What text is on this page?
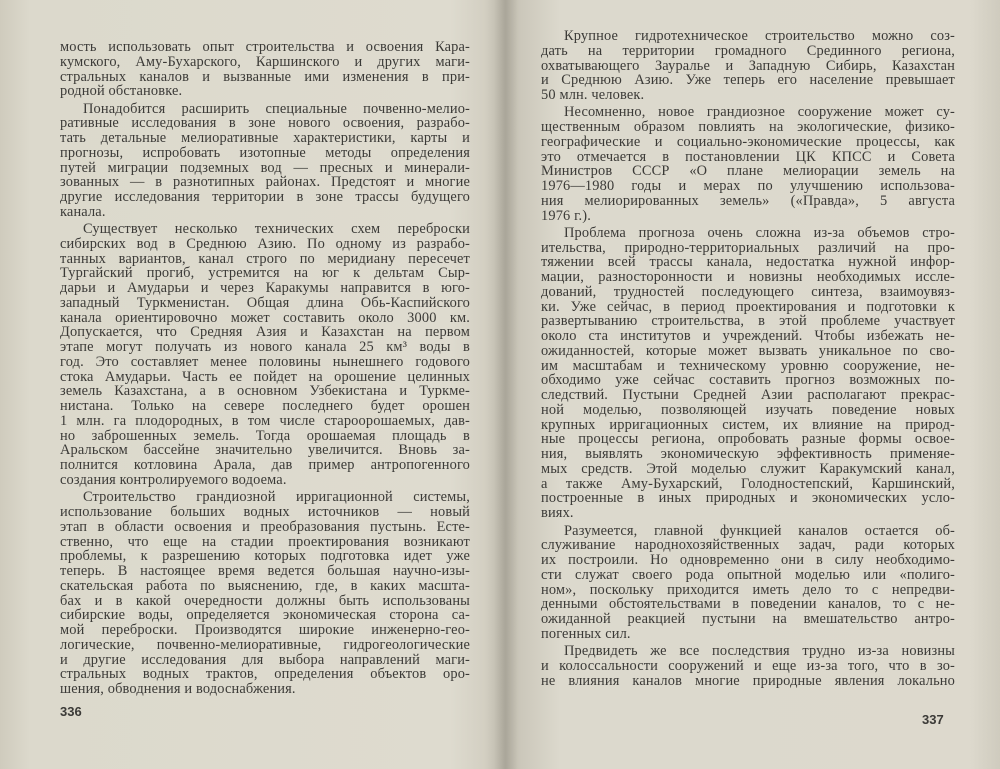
мость использовать опыт строительства и освоения Кара-
кумского, Аму-Бухарского, Каршинского и других маги-
стральных каналов и вызванные ими изменения в при-
родной обстановке.
Понадобится расширить специальные почвенно-мелио-
ративные исследования в зоне нового освоения, разрабо-
тать детальные мелиоративные характеристики, карты и
прогнозы, испробовать изотопные методы определения
путей миграции подземных вод — пресных и минерали-
зованных — в разнотипных районах. Предстоят и многие
другие исследования территории в зоне трассы будущего
канала.
Существует несколько технических схем переброски
сибирских вод в Среднюю Азию. По одному из разрабо-
танных вариантов, канал строго по меридиану пересечет
Тургайский прогиб, устремится на юг к дельтам Сыр-
дарьи и Амударьи и через Каракумы направится в юго-
западный Туркменистан. Общая длина Обь-Каспийского
канала ориентировочно может составить около 3000 км.
Допускается, что Средняя Азия и Казахстан на первом
этапе могут получать из нового канала 25 км³ воды в
год. Это составляет менее половины нынешнего годового
стока Амударьи. Часть ее пойдет на орошение целинных
земель Казахстана, а в основном Узбекистана и Туркме-
нистана. Только на севере последнего будет орошен
1 млн. га плодородных, в том числе староорошаемых, дав-
но заброшенных земель. Тогда орошаемая площадь в
Аральском бассейне значительно увеличится. Вновь за-
полнится котловина Арала, дав пример антропогенного
создания контролируемого водоема.
Строительство грандиозной ирригационной системы,
использование больших водных источников — новый
этап в области освоения и преобразования пустынь. Есте-
ственно, что еще на стадии проектирования возникают
проблемы, к разрешению которых подготовка идет уже
теперь. В настоящее время ведется большая научно-изы-
скательская работа по выяснению, где, в каких масшта-
бах и в какой очередности должны быть использованы
сибирские воды, определяется экономическая сторона са-
мой переброски. Производятся широкие инженерно-гео-
логические, почвенно-мелиоративные, гидрогеологические
и другие исследования для выбора направлений маги-
стральных водных трактов, определения объектов оро-
шения, обводнения и водоснабжения.
336
Крупное гидротехническое строительство можно соз-
дать на территории громадного Срединного региона,
охватывающего Зауралье и Западную Сибирь, Казахстан
и Среднюю Азию. Уже теперь его население превышает
50 млн. человек.
Несомненно, новое грандиозное сооружение может су-
щественным образом повлиять на экологические, физико-
географические и социально-экономические процессы, как
это отмечается в постановлении ЦК КПСС и Совета
Министров СССР «О плане мелиорации земель на
1976—1980 годы и мерах по улучшению использова-
ния мелиорированных земель» («Правда», 5 августа
1976 г.).
Проблема прогноза очень сложна из-за объемов стро-
ительства, природно-территориальных различий на про-
тяжении всей трассы канала, недостатка нужной инфор-
мации, разносторонности и новизны необходимых иссле-
дований, трудностей последующего синтеза, взаимоувяз-
ки. Уже сейчас, в период проектирования и подготовки к
развертыванию строительства, в этой проблеме участвует
около ста институтов и учреждений. Чтобы избежать не-
ожиданностей, которые может вызвать уникальное по сво-
им масштабам и техническому уровню сооружение, не-
обходимо уже сейчас составить прогноз возможных по-
следствий. Пустыни Средней Азии располагают прекрас-
ной моделью, позволяющей изучать поведение новых
крупных ирригационных систем, их влияние на природ-
ные процессы региона, опробовать разные формы освое-
ния, выявлять экономическую эффективность применяе-
мых средств. Этой моделью служит Каракумский канал,
а также Аму-Бухарский, Голодностепский, Каршинский,
построенные в иных природных и экономических усло-
виях.
Разумеется, главной функцией каналов остается об-
служивание народнохозяйственных задач, ради которых
их построили. Но одновременно они в силу необходимо-
сти служат своего рода опытной моделью или «полиго-
ном», поскольку приходится иметь дело то с непредви-
денными обстоятельствами в поведении каналов, то с не-
ожиданной реакцией пустыни на вмешательство антро-
погенных сил.
Предвидеть же все последствия трудно из-за новизны
и колоссальности сооружений и еще из-за того, что в зо-
не влияния каналов многие природные явления локально
337
